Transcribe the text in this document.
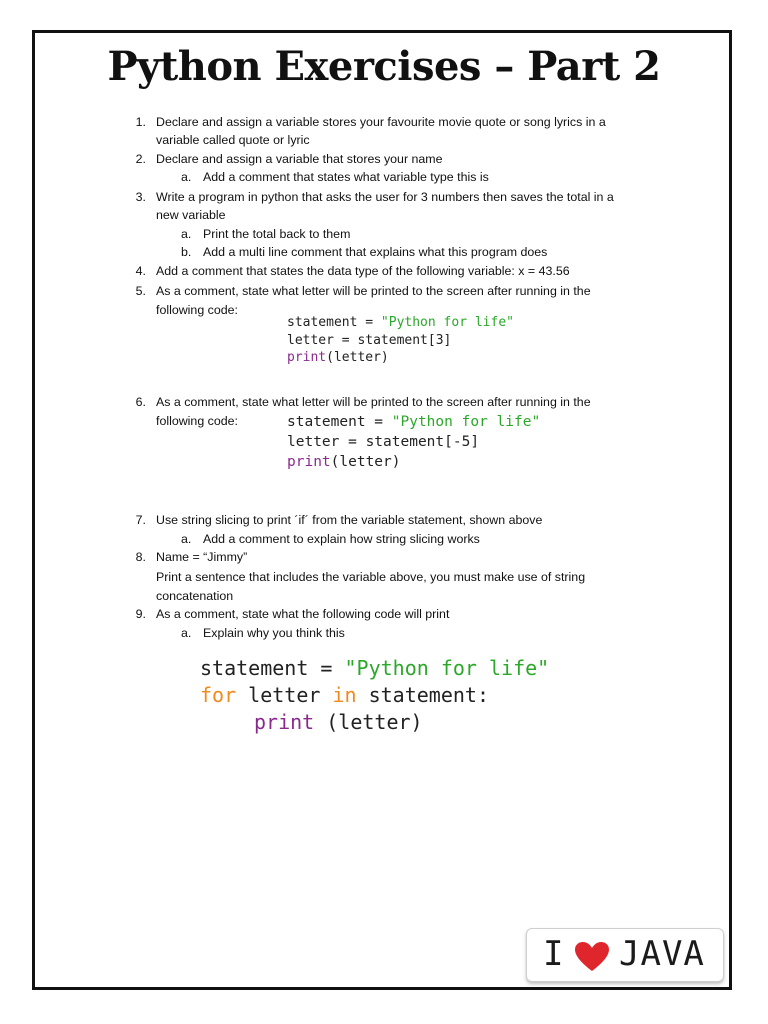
Python Exercises – Part 2
1. Declare and assign a variable stores your favourite movie quote or song lyrics in a
variable called quote or lyric
2. Declare and assign a variable that stores your name
a. Add a comment that states what variable type this is
3. Write a program in python that asks the user for 3 numbers then saves the total in a
new variable
a. Print the total back to them
b. Add a multi line comment that explains what this program does
4. Add a comment that states the data type of the following variable: x = 43.56
5. As a comment, state what letter will be printed to the screen after running in the
following code:
statement = "Python for life"
letter = statement[3]
print(letter)
6. As a comment, state what letter will be printed to the screen after running in the
following code:	statement = "Python for life"
letter = statement[-5]
print(letter)
7. Use string slicing to print ´if´ from the variable statement, shown above
a. Add a comment to explain how string slicing works
8. Name = “Jimmy”
Print a sentence that includes the variable above, you must make use of string
concatenation
9. As a comment, state what the following code will print
a. Explain why you think this
statement = "Python for life"
for letter in statement:
print (letter)
I JAVA
